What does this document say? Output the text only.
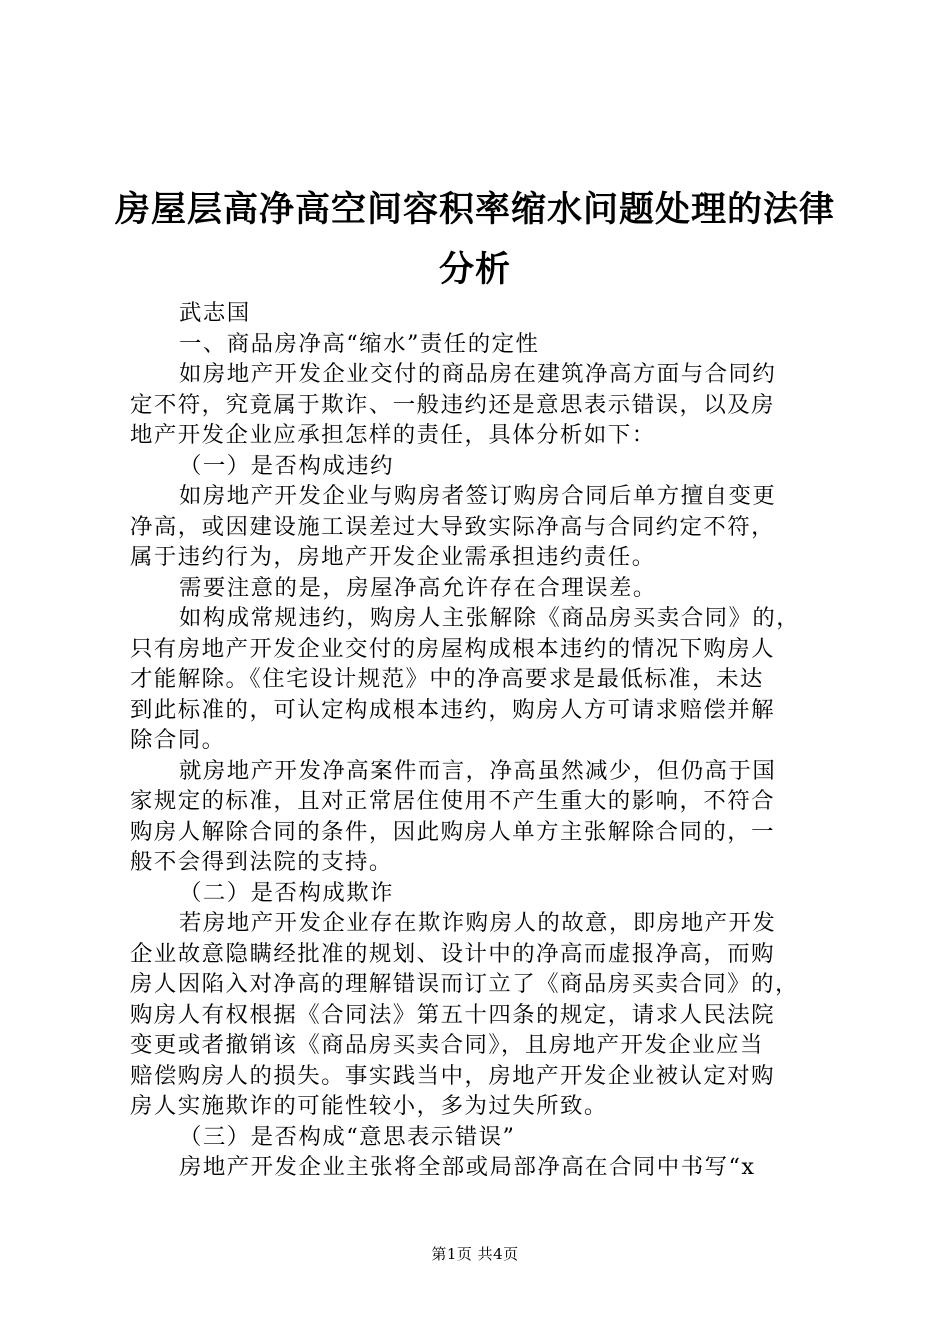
房屋层高净高空间容积率缩水问题处理的法律
分析

武志国

一、商品房净高“缩水”责任的定性

如房地产开发企业交付的商品房在建筑净高方面与合同约
定不符，究竟属于欺诈、一般违约还是意思表示错误，以及房
地产开发企业应承担怎样的责任，具体分析如下：

（一）是否构成违约

如房地产开发企业与购房者签订购房合同后单方擅自变更
净高，或因建设施工误差过大导致实际净高与合同约定不符，
属于违约行为，房地产开发企业需承担违约责任。

需要注意的是，房屋净高允许存在合理误差。

如构成常规违约，购房人主张解除《商品房买卖合同》的，
只有房地产开发企业交付的房屋构成根本违约的情况下购房人
才能解除。《住宅设计规范》中的净高要求是最低标准，未达
到此标准的，可认定构成根本违约，购房人方可请求赔偿并解
除合同。

就房地产开发净高案件而言，净高虽然减少，但仍高于国
家规定的标准，且对正常居住使用不产生重大的影响，不符合
购房人解除合同的条件，因此购房人单方主张解除合同的，一
般不会得到法院的支持。

（二）是否构成欺诈

若房地产开发企业存在欺诈购房人的故意，即房地产开发
企业故意隐瞒经批准的规划、设计中的净高而虚报净高，而购
房人因陷入对净高的理解错误而订立了《商品房买卖合同》的，
购房人有权根据《合同法》第五十四条的规定，请求人民法院
变更或者撤销该《商品房买卖合同》，且房地产开发企业应当
赔偿购房人的损失。事实践当中，房地产开发企业被认定对购
房人实施欺诈的可能性较小，多为过失所致。

（三）是否构成“意思表示错误”

房地产开发企业主张将全部或局部净高在合同中书写“x

第1页 共4页
